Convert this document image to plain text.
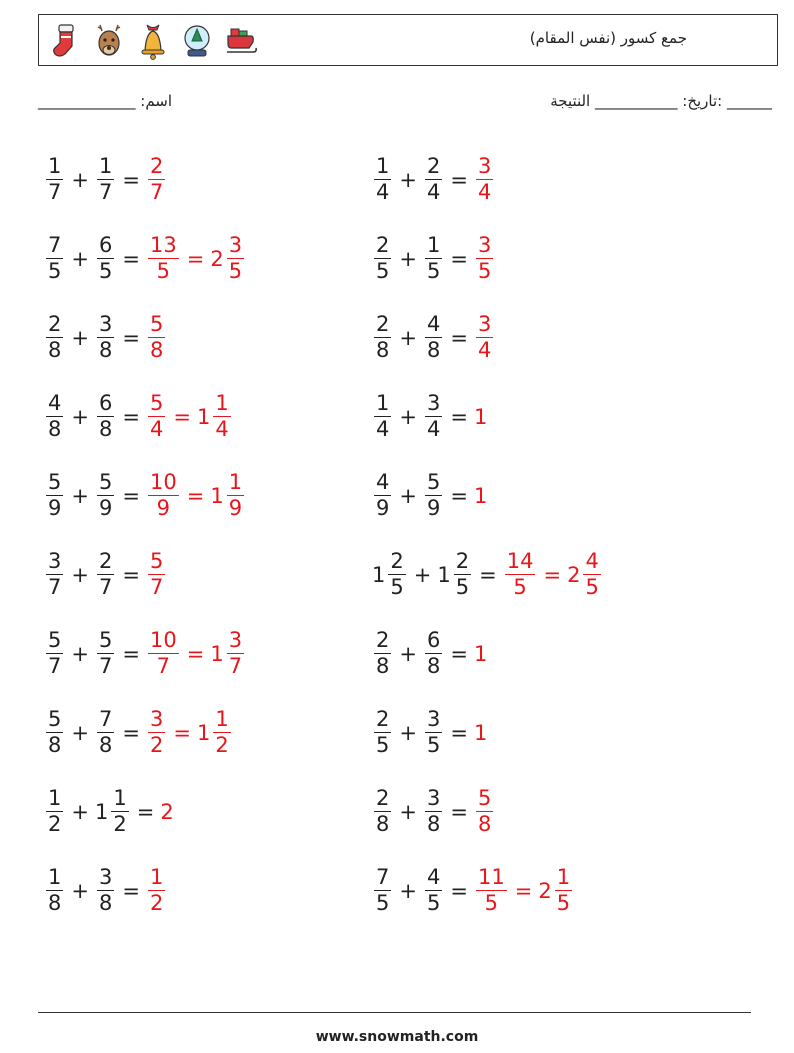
جمع كسور (نفس المقام)
______ :تاريخ: ___________ النتيجة
اسم: _____________
$\frac{1}{7} + \frac{1}{7} = \frac{2}{7}$
$\frac{7}{5} + \frac{6}{5} = \frac{13}{5} = 2 \frac{3}{5}$
$\frac{2}{8} + \frac{3}{8} = \frac{5}{8}$
$\frac{4}{8} + \frac{6}{8} = \frac{5}{4} = 1 \frac{1}{4}$
$\frac{5}{9} + \frac{5}{9} = \frac{10}{9} = 1 \frac{1}{9}$
$\frac{3}{7} + \frac{2}{7} = \frac{5}{7}$
$\frac{5}{7} + \frac{5}{7} = \frac{10}{7} = 1 \frac{3}{7}$
$\frac{5}{8} + \frac{7}{8} = \frac{3}{2} = 1 \frac{1}{2}$
$\frac{1}{2} + 1 \frac{1}{2} = 2$
$\frac{1}{8} + \frac{3}{8} = \frac{1}{2}$
$\frac{1}{4} + \frac{2}{4} = \frac{3}{4}$
$\frac{2}{5} + \frac{1}{5} = \frac{3}{5}$
$\frac{2}{8} + \frac{4}{8} = \frac{3}{4}$
$\frac{1}{4} + \frac{3}{4} = 1$
$\frac{4}{9} + \frac{5}{9} = 1$
$1 \frac{2}{5} + 1 \frac{2}{5} = \frac{14}{5} = 2 \frac{4}{5}$
$\frac{2}{8} + \frac{6}{8} = 1$
$\frac{2}{5} + \frac{3}{5} = 1$
$\frac{2}{8} + \frac{3}{8} = \frac{5}{8}$
$\frac{7}{5} + \frac{4}{5} = \frac{11}{5} = 2 \frac{1}{5}$
www.snowmath.com
